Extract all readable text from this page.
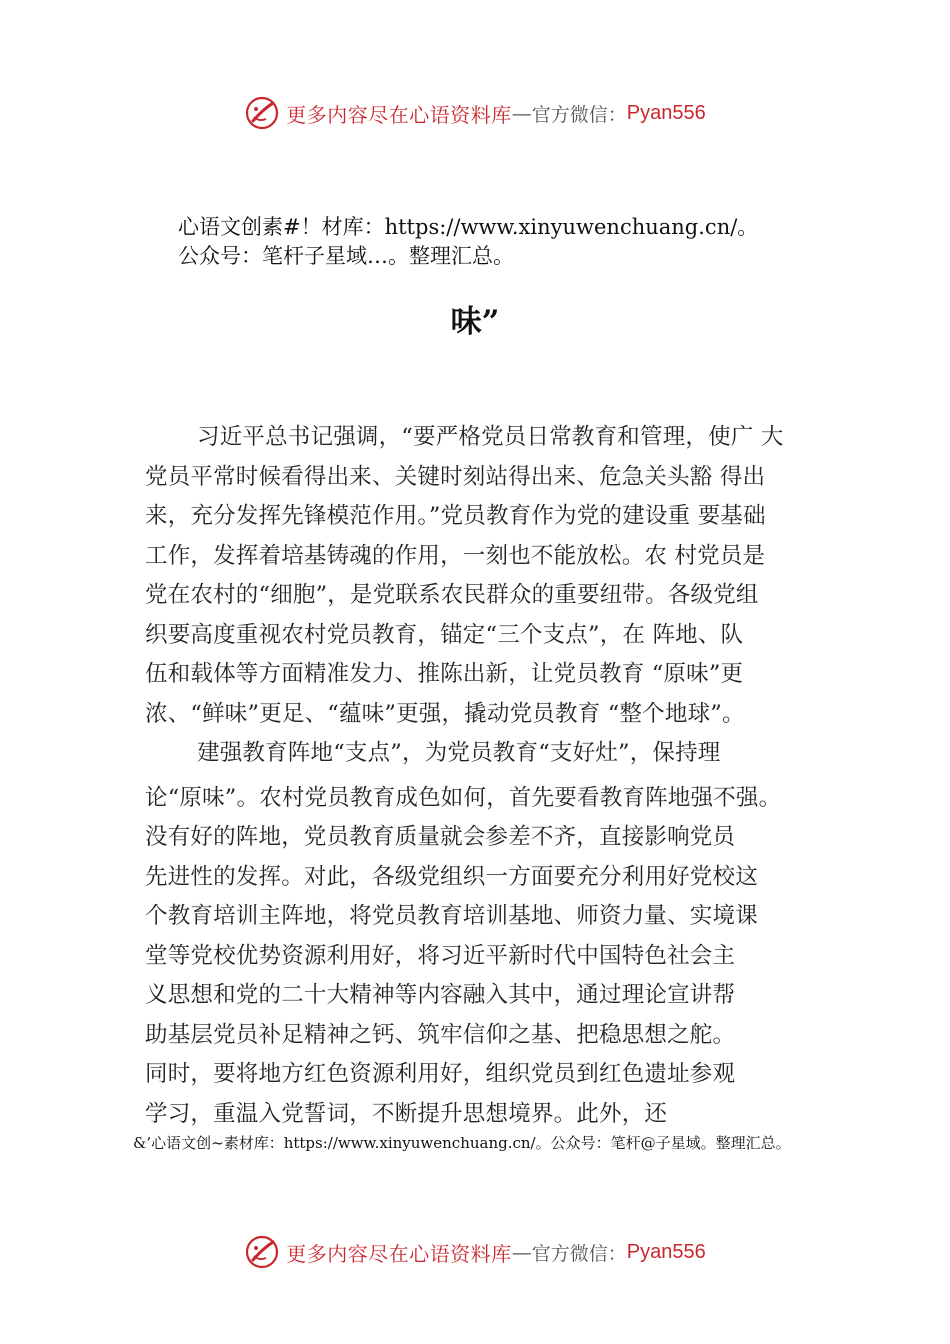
更多内容尽在心语资料库 — 官方微信： Pyan556
心语文创素#！材库：https://www.xinyuwenchuang.cn/。
公众号：笔杆子星域…。整理汇总。
味”
习近平总书记强调，“要严格党员日常教育和管理，使广 大
党员平常时候看得出来、关键时刻站得出来、危急关头豁 得出
来，充分发挥先锋模范作用。”党员教育作为党的建设重 要基础
工作，发挥着培基铸魂的作用，一刻也不能放松。农 村党员是
党在农村的“细胞”，是党联系农民群众的重要纽带。各级党组
织要高度重视农村党员教育，锚定“三个支点”，在 阵地、队
伍和载体等方面精准发力、推陈出新，让党员教育 “原味”更
浓、“鲜味”更足、“蕴味”更强，撬动党员教育 “整个地球”。
建强教育阵地“支点”，为党员教育“支好灶”，保持理
论“原味”。农村党员教育成色如何，首先要看教育阵地强不强。
没有好的阵地，党员教育质量就会参差不齐，直接影响党员
先进性的发挥。对此，各级党组织一方面要充分利用好党校这
个教育培训主阵地，将党员教育培训基地、师资力量、实境课
堂等党校优势资源利用好，将习近平新时代中国特色社会主
义思想和党的二十大精神等内容融入其中，通过理论宣讲帮
助基层党员补足精神之钙、筑牢信仰之基、把稳思想之舵。
同时，要将地方红色资源利用好，组织党员到红色遗址参观
学习，重温入党誓词，不断提升思想境界。此外，还
&’心语文创~素材库：https://www.xinyuwenchuang.cn/。公众号：笔杆@子星域。整理汇总。
更多内容尽在心语资料库 — 官方微信： Pyan556
